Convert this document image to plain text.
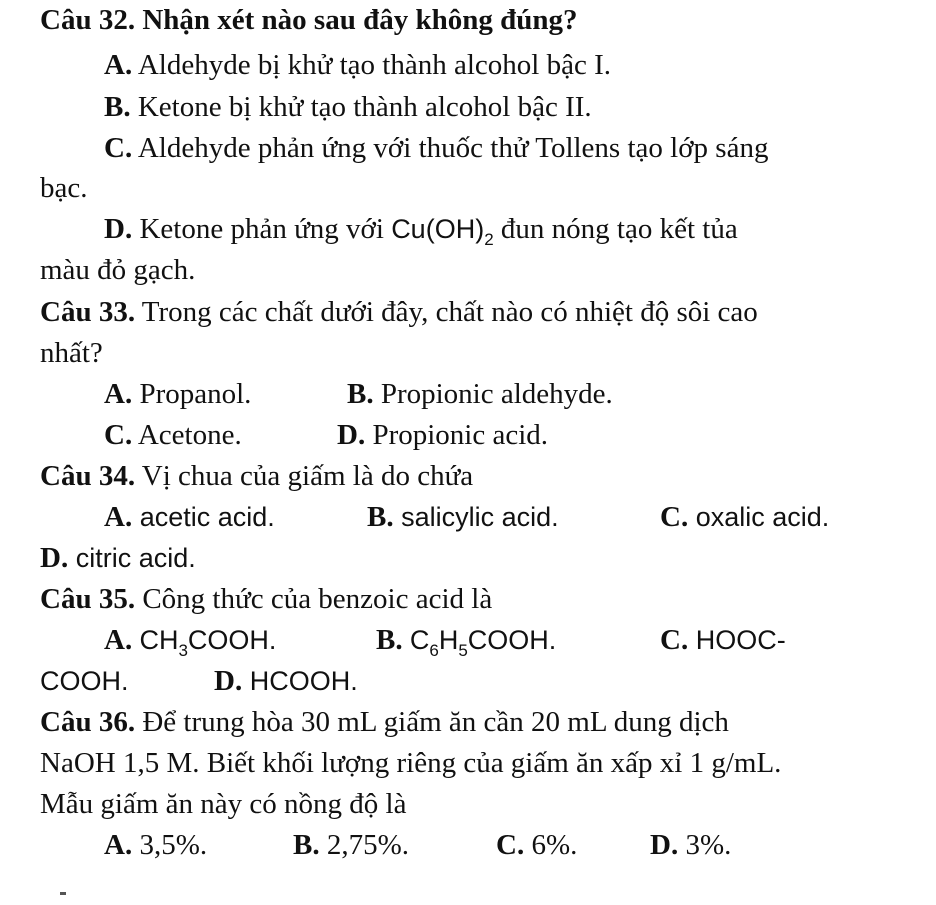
Câu 32. Nhận xét nào sau đây không đúng?
A. Aldehyde bị khử tạo thành alcohol bậc I.
B. Ketone bị khử tạo thành alcohol bậc II.
C. Aldehyde phản ứng với thuốc thử Tollens tạo lớp sáng
bạc.
D. Ketone phản ứng với $Cu(OH)_2$ đun nóng tạo kết tủa
màu đỏ gạch.
Câu 33. Trong các chất dưới đây, chất nào có nhiệt độ sôi cao
nhất?
A. Propanol.	B. Propionic aldehyde.
C. Acetone.	D. Propionic acid.
Câu 34. Vị chua của giấm là do chứa
A. acetic acid.	B. salicylic acid.	C. oxalic acid.
D. citric acid.
Câu 35. Công thức của benzoic acid là
A. $CH_3COOH$.	B. $C_6H_5COOH$.	C. HOOC-
COOH.	D. HCOOH.
Câu 36. Để trung hòa 30 mL giấm ăn cần 20 mL dung dịch
NaOH 1,5 M. Biết khối lượng riêng của giấm ăn xấp xỉ 1 g/mL.
Mẫu giấm ăn này có nồng độ là
A. 3,5%.	B. 2,75%.	C. 6%.	D. 3%.
